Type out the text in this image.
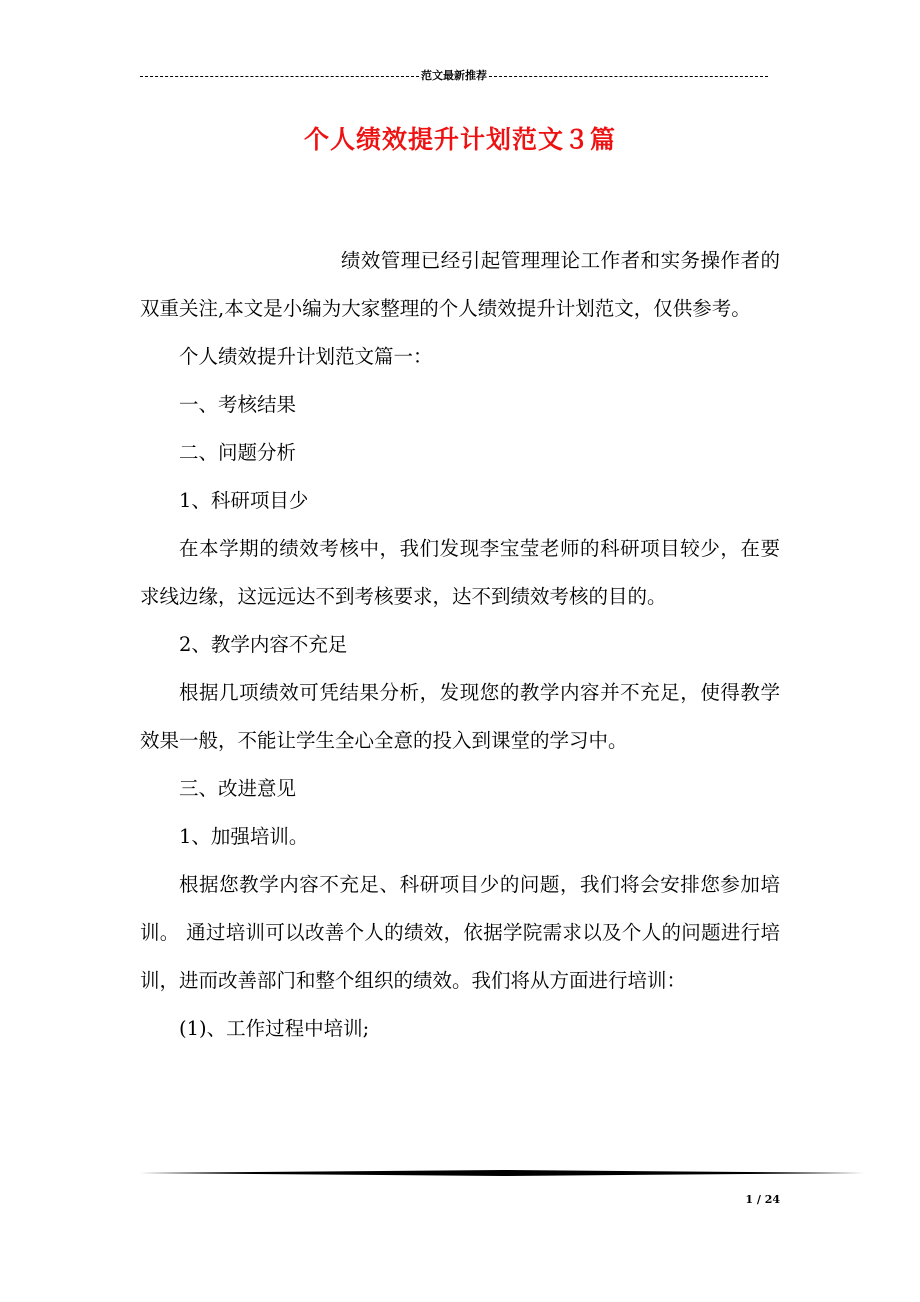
范文最新推荐
个人绩效提升计划范文３篇

绩效管理已经引起管理理论工作者和实务操作者的双重关注,本文是小编为大家整理的个人绩效提升计划范文，仅供参考。

个人绩效提升计划范文篇一：

一、考核结果

二、问题分析

1、科研项目少

在本学期的绩效考核中，我们发现李宝莹老师的科研项目较少，在要求线边缘，这远远达不到考核要求，达不到绩效考核的目的。

2、教学内容不充足

根据几项绩效可凭结果分析，发现您的教学内容并不充足，使得教学效果一般，不能让学生全心全意的投入到课堂的学习中。

三、改进意见

1、加强培训。

根据您教学内容不充足、科研项目少的问题，我们将会安排您参加培训。 通过培训可以改善个人的绩效，依据学院需求以及个人的问题进行培训，进而改善部门和整个组织的绩效。我们将从方面进行培训：

(1)、工作过程中培训;

1 / 24
